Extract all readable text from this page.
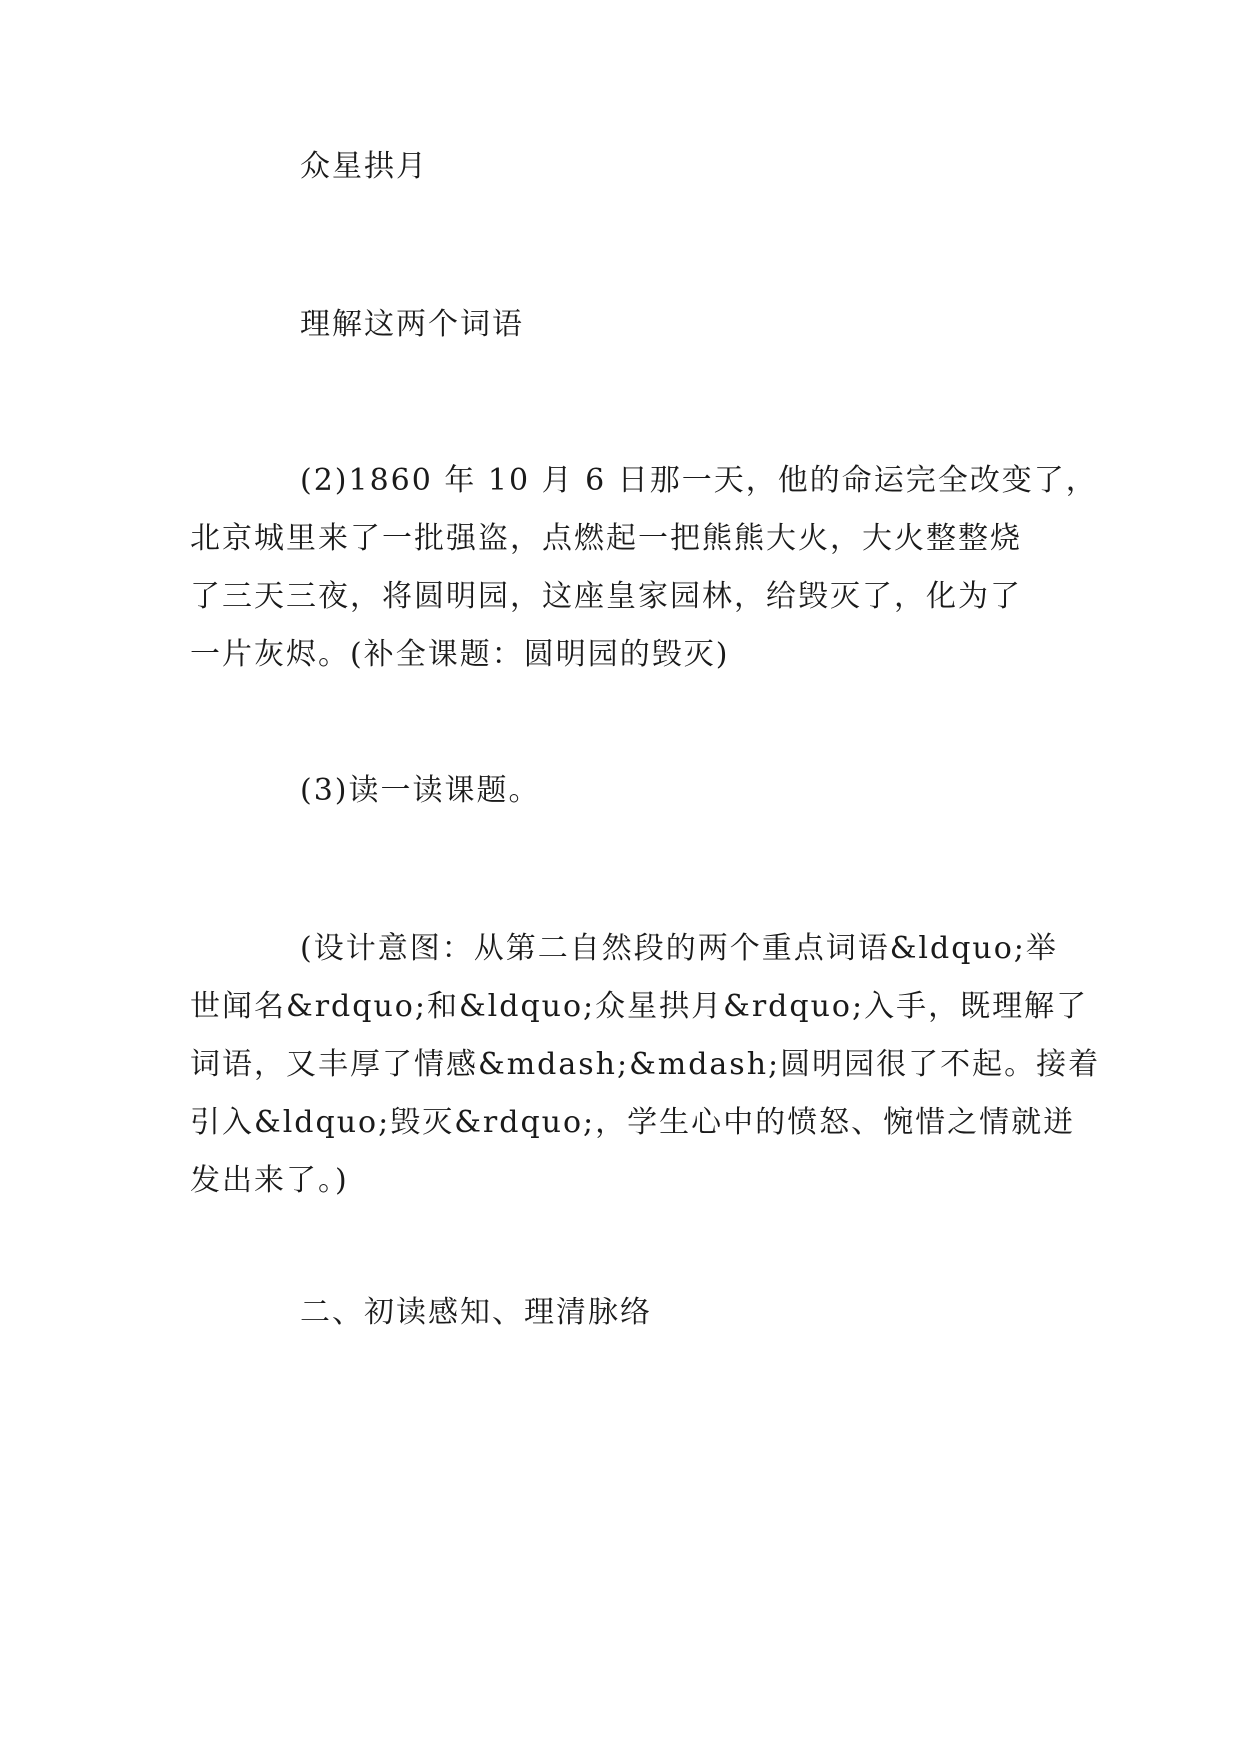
众星拱月
理解这两个词语
(2)1860 年 10 月 6 日那一天，他的命运完全改变了，
北京城里来了一批强盗，点燃起一把熊熊大火，大火整整烧
了三天三夜，将圆明园，这座皇家园林，给毁灭了，化为了
一片灰烬。(补全课题：圆明园的毁灭)
(3)读一读课题。
(设计意图：从第二自然段的两个重点词语&ldquo;举
世闻名&rdquo;和&ldquo;众星拱月&rdquo;入手，既理解了
词语，又丰厚了情感&mdash;&mdash;圆明园很了不起。接着
引入&ldquo;毁灭&rdquo;，学生心中的愤怒、惋惜之情就迸
发出来了。)
二、初读感知、理清脉络
